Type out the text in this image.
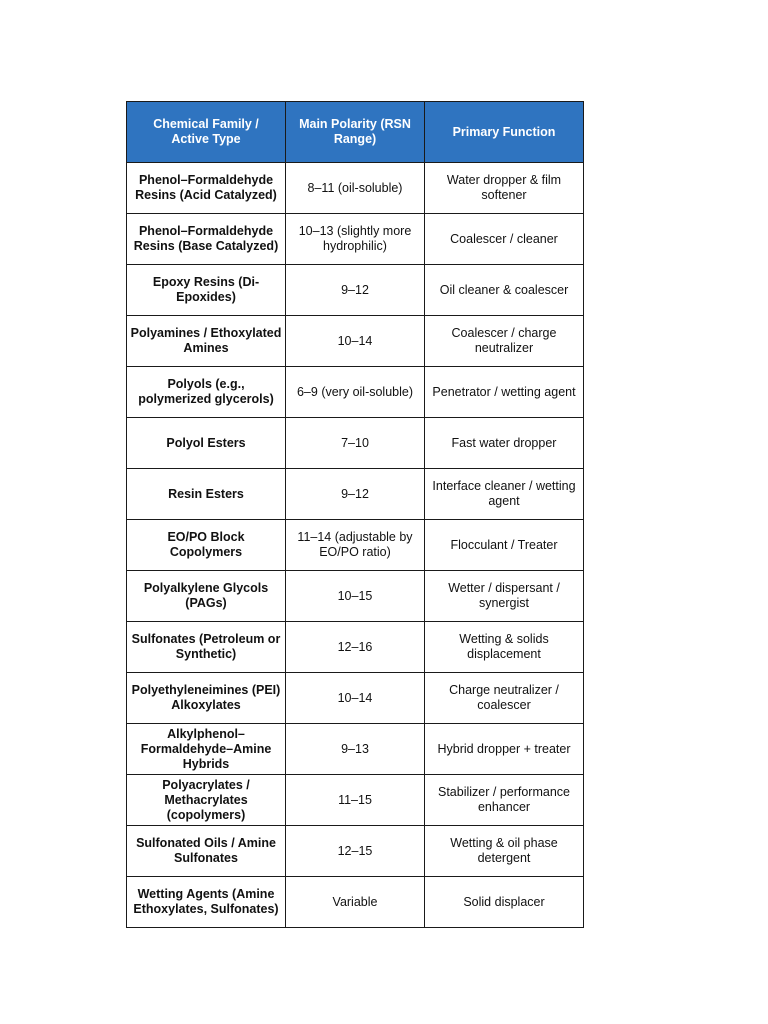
Chemical Family / Active Type	Main Polarity (RSN Range)	Primary Function
Phenol–Formaldehyde Resins (Acid Catalyzed)	8–11 (oil-soluble)	Water dropper & film softener
Phenol–Formaldehyde Resins (Base Catalyzed)	10–13 (slightly more hydrophilic)	Coalescer / cleaner
Epoxy Resins (Di-Epoxides)	9–12	Oil cleaner & coalescer
Polyamines / Ethoxylated Amines	10–14	Coalescer / charge neutralizer
Polyols (e.g., polymerized glycerols)	6–9 (very oil-soluble)	Penetrator / wetting agent
Polyol Esters	7–10	Fast water dropper
Resin Esters	9–12	Interface cleaner / wetting agent
EO/PO Block Copolymers	11–14 (adjustable by EO/PO ratio)	Flocculant / Treater
Polyalkylene Glycols (PAGs)	10–15	Wetter / dispersant / synergist
Sulfonates (Petroleum or Synthetic)	12–16	Wetting & solids displacement
Polyethyleneimines (PEI) Alkoxylates	10–14	Charge neutralizer / coalescer
Alkylphenol–Formaldehyde–Amine Hybrids	9–13	Hybrid dropper + treater
Polyacrylates / Methacrylates (copolymers)	11–15	Stabilizer / performance enhancer
Sulfonated Oils / Amine Sulfonates	12–15	Wetting & oil phase detergent
Wetting Agents (Amine Ethoxylates, Sulfonates)	Variable	Solid displacer
